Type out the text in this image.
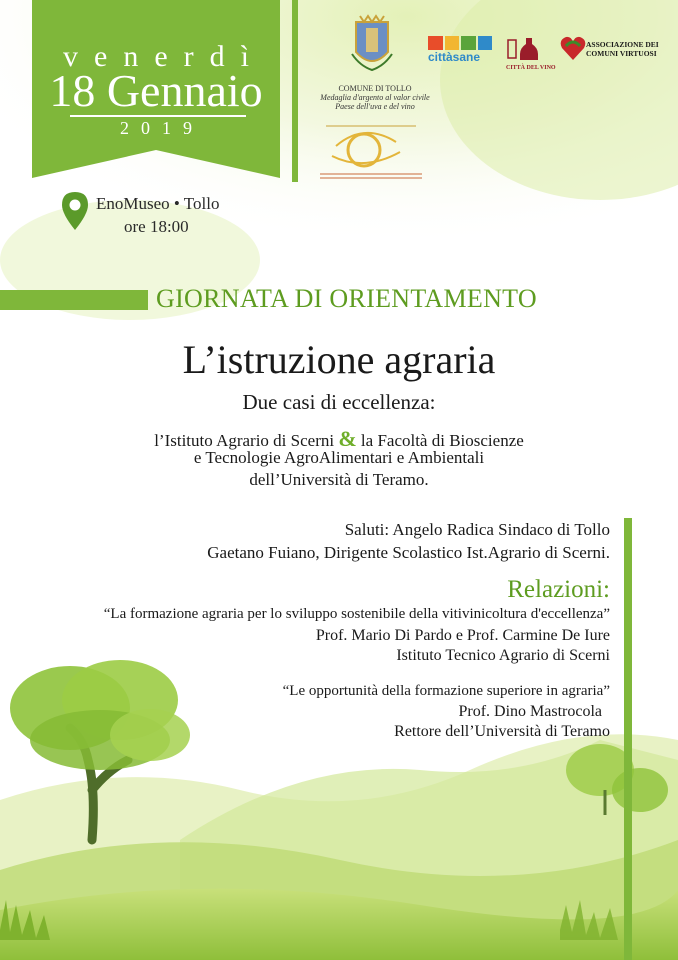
venerdì
18 Gennaio
2019
COMUNE DI TOLLO
Medaglia d'argento al valor civile
Paese dell'uva e del vino
cittàsane
CITTÀ DEL VINO
ASSOCIAZIONE DEI
COMUNI VIRTUOSI
EnoMuseo • Tollo
ore 18:00
GIORNATA DI ORIENTAMENTO
L’istruzione agraria
Due casi di eccellenza:
l’Istituto Agrario di Scerni & la Facoltà di Bioscienze
e Tecnologie AgroAlimentari e Ambientali
dell’Università di Teramo.
Saluti: Angelo Radica Sindaco di Tollo
Gaetano Fuiano, Dirigente Scolastico Ist.Agrario di Scerni.
Relazioni:
“La formazione agraria per lo sviluppo sostenibile della vitivinicoltura d'eccellenza”
Prof. Mario Di Pardo e Prof. Carmine De Iure
Istituto Tecnico Agrario di Scerni
“Le opportunità della formazione superiore in agraria”
Prof. Dino Mastrocola
Rettore dell’Università di Teramo
